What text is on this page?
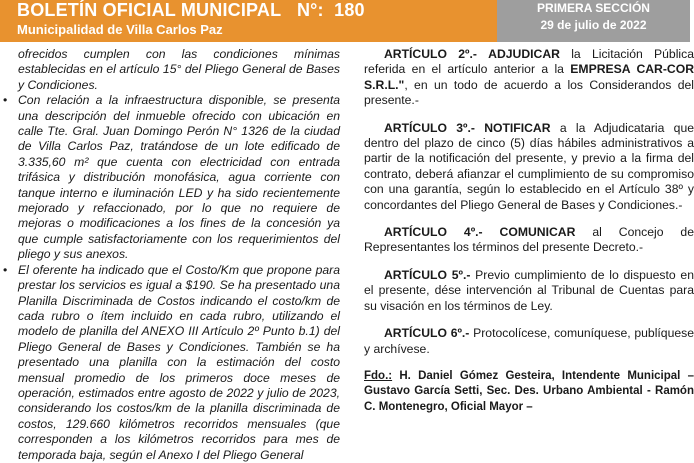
BOLETÍN OFICIAL MUNICIPAL N°: 180
Municipalidad de Villa Carlos Paz
PRIMERA SECCIÓN
29 de julio de 2022
ofrecidos cumplen con las condiciones mínimas establecidas en el artículo 15° del Pliego General de Bases y Condiciones.
• Con relación a la infraestructura disponible, se presenta una descripción del inmueble ofrecido con ubicación en calle Tte. Gral. Juan Domingo Perón N° 1326 de la ciudad de Villa Carlos Paz, tratándose de un lote edificado de 3.335,60 m² que cuenta con electricidad con entrada trifásica y distribución monofásica, agua corriente con tanque interno e iluminación LED y ha sido recientemente mejorado y refaccionado, por lo que no requiere de mejoras o modificaciones a los fines de la concesión ya que cumple satisfactoriamente con los requerimientos del pliego y sus anexos.
• El oferente ha indicado que el Costo/Km que propone para prestar los servicios es igual a $190. Se ha presentado una Planilla Discriminada de Costos indicando el costo/km de cada rubro o ítem incluido en cada rubro, utilizando el modelo de planilla del ANEXO III Artículo 2º Punto b.1) del Pliego General de Bases y Condiciones. También se ha presentado una planilla con la estimación del costo mensual promedio de los primeros doce meses de operación, estimados entre agosto de 2022 y julio de 2023, considerando los costos/km de la planilla discriminada de costos, 129.660 kilómetros recorridos mensuales (que corresponden a los kilómetros recorridos para mes de temporada baja, según el Anexo I del Pliego General
ARTÍCULO 2º.- ADJUDICAR la Licitación Pública referida en el artículo anterior a la EMPRESA CAR-COR S.R.L.", en un todo de acuerdo a los Considerandos del presente.-
ARTÍCULO 3º.- NOTIFICAR a la Adjudicataria que dentro del plazo de cinco (5) días hábiles administrativos a partir de la notificación del presente, y previo a la firma del contrato, deberá afianzar el cumplimiento de su compromiso con una garantía, según lo establecido en el Artículo 38º y concordantes del Pliego General de Bases y Condiciones.-
ARTÍCULO 4º.- COMUNICAR al Concejo de Representantes los términos del presente Decreto.-
ARTÍCULO 5º.- Previo cumplimiento de lo dispuesto en el presente, dése intervención al Tribunal de Cuentas para su visación en los términos de Ley.
ARTÍCULO 6º.- Protocolícese, comuníquese, publíquese y archívese.
Fdo.: H. Daniel Gómez Gesteira, Intendente Municipal – Gustavo García Setti, Sec. Des. Urbano Ambiental - Ramón C. Montenegro, Oficial Mayor –
